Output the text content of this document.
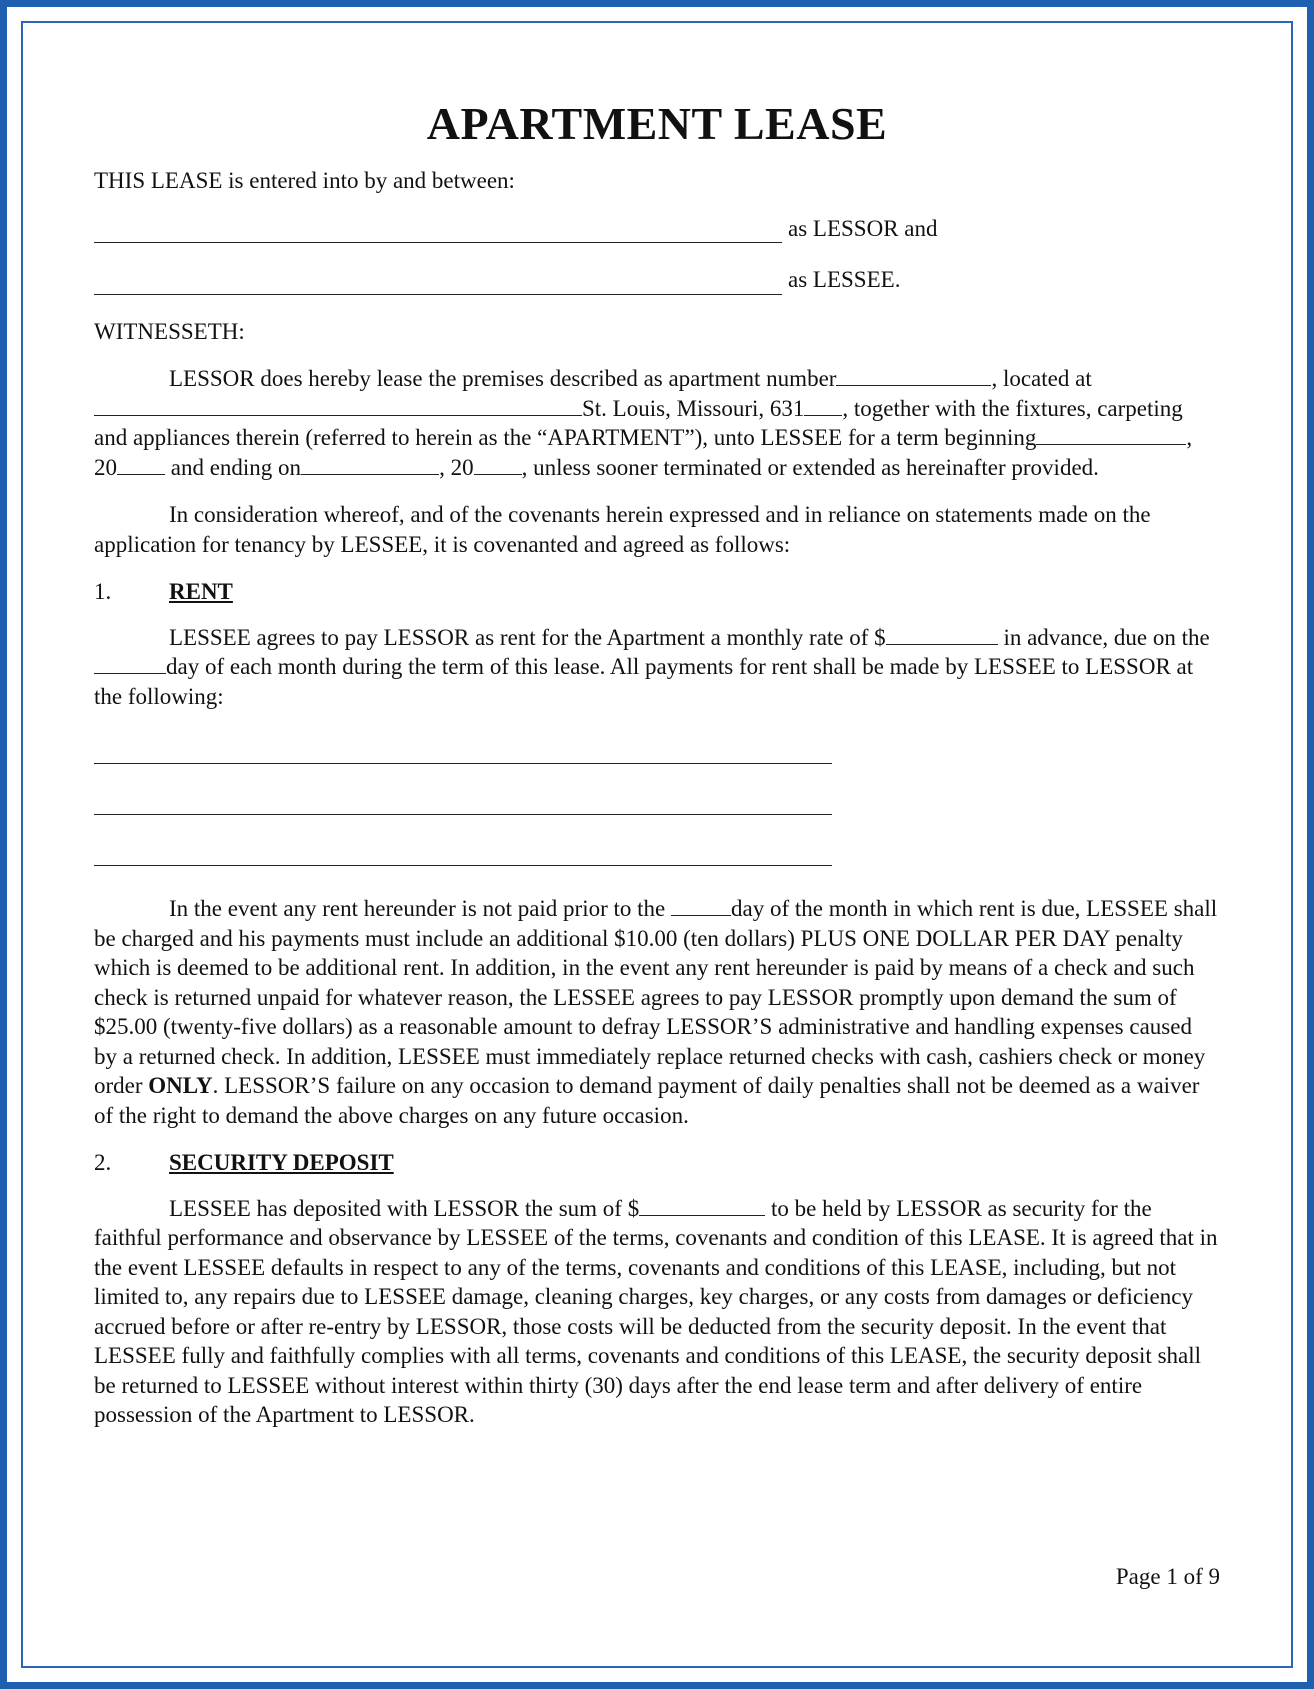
APARTMENT LEASE

THIS LEASE is entered into by and between:

as LESSOR and
as LESSEE.

WITNESSETH:

LESSOR does hereby lease the premises described as apartment number	, located at St. Louis, Missouri, 631 , together with the fixtures, carpeting and appliances therein (referred to herein as the “APARTMENT”), unto LESSEE for a term beginning	, 20 and ending on	, 20 , unless sooner terminated or extended as hereinafter provided.

In consideration whereof, and of the covenants herein expressed and in reliance on statements made on the application for tenancy by LESSEE, it is covenanted and agreed as follows:

1.	RENT

LESSEE agrees to pay LESSOR as rent for the Apartment a monthly rate of $	in advance, due on the day of each month during the term of this lease. All payments for rent shall be made by LESSEE to LESSOR at the following:

In the event any rent hereunder is not paid prior to the	day of the month in which rent is due, LESSEE shall be charged and his payments must include an additional $10.00 (ten dollars) PLUS ONE DOLLAR PER DAY penalty which is deemed to be additional rent. In addition, in the event any rent hereunder is paid by means of a check and such check is returned unpaid for whatever reason, the LESSEE agrees to pay LESSOR promptly upon demand the sum of $25.00 (twenty-five dollars) as a reasonable amount to defray LESSOR’S administrative and handling expenses caused by a returned check. In addition, LESSEE must immediately replace returned checks with cash, cashiers check or money order ONLY. LESSOR’S failure on any occasion to demand payment of daily penalties shall not be deemed as a waiver of the right to demand the above charges on any future occasion.

2.	SECURITY DEPOSIT

LESSEE has deposited with LESSOR the sum of $	to be held by LESSOR as security for the faithful performance and observance by LESSEE of the terms, covenants and condition of this LEASE. It is agreed that in the event LESSEE defaults in respect to any of the terms, covenants and conditions of this LEASE, including, but not limited to, any repairs due to LESSEE damage, cleaning charges, key charges, or any costs from damages or deficiency accrued before or after re-entry by LESSOR, those costs will be deducted from the security deposit. In the event that LESSEE fully and faithfully complies with all terms, covenants and conditions of this LEASE, the security deposit shall be returned to LESSEE without interest within thirty (30) days after the end lease term and after delivery of entire possession of the Apartment to LESSOR.

Page 1 of 9
